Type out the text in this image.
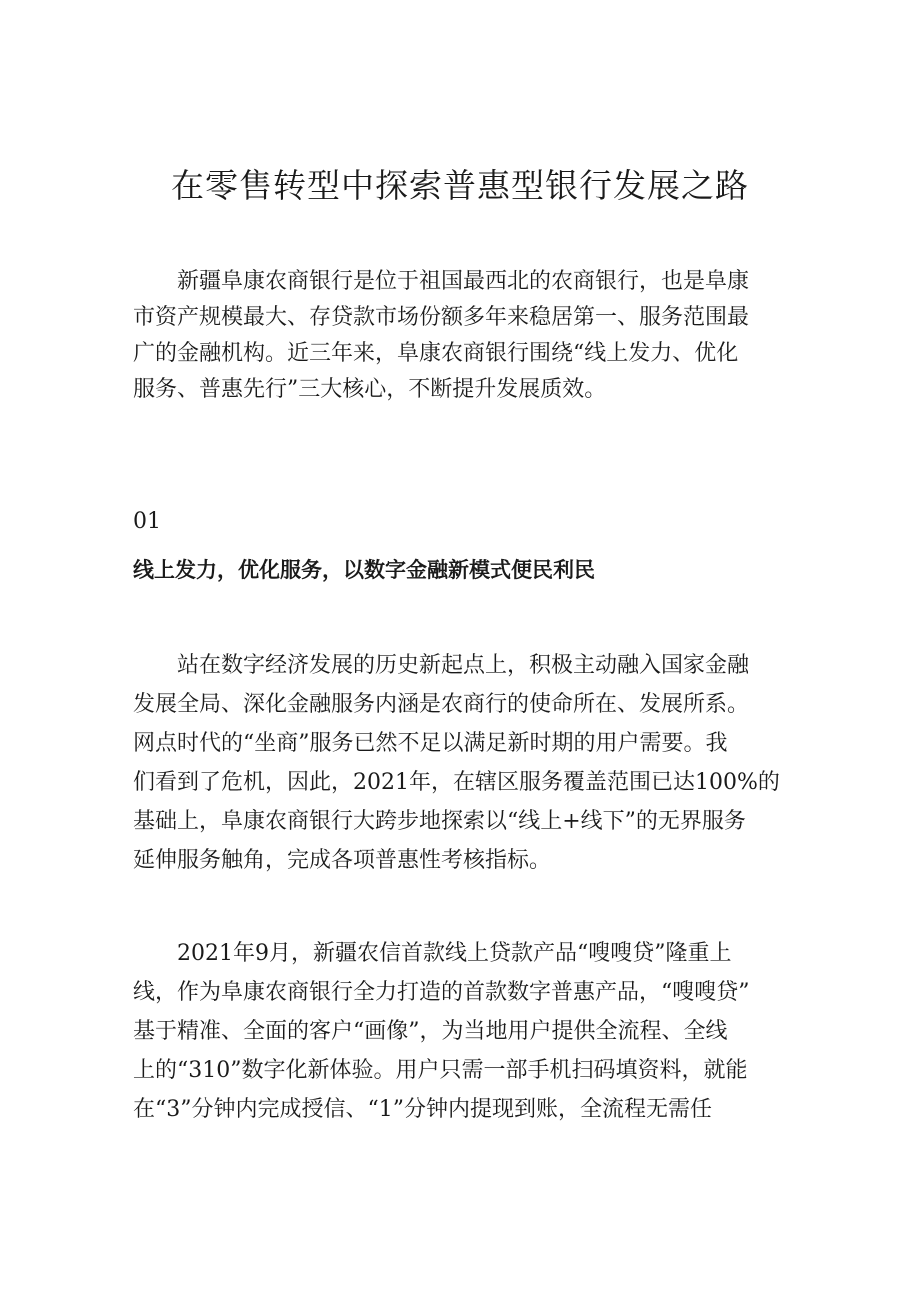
在零售转型中探索普惠型银行发展之路
新疆阜康农商银行是位于祖国最西北的农商银行，也是阜康
市资产规模最大、存贷款市场份额多年来稳居第一、服务范围最
广的金融机构。近三年来，阜康农商银行围绕“线上发力、优化
服务、普惠先行”三大核心，不断提升发展质效。

01

线上发力，优化服务，以数字金融新模式便民利民
站在数字经济发展的历史新起点上，积极主动融入国家金融
发展全局、深化金融服务内涵是农商行的使命所在、发展所系。
网点时代的“坐商”服务已然不足以满足新时期的用户需要。我
们看到了危机，因此，2021年，在辖区服务覆盖范围已达100%的
基础上，阜康农商银行大跨步地探索以“线上+线下”的无界服务
延伸服务触角，完成各项普惠性考核指标。
2021年9月，新疆农信首款线上贷款产品“嗖嗖贷”隆重上
线，作为阜康农商银行全力打造的首款数字普惠产品，“嗖嗖贷”
基于精准、全面的客户“画像”，为当地用户提供全流程、全线
上的“310”数字化新体验。用户只需一部手机扫码填资料，就能
在“3”分钟内完成授信、“1”分钟内提现到账，全流程无需任
